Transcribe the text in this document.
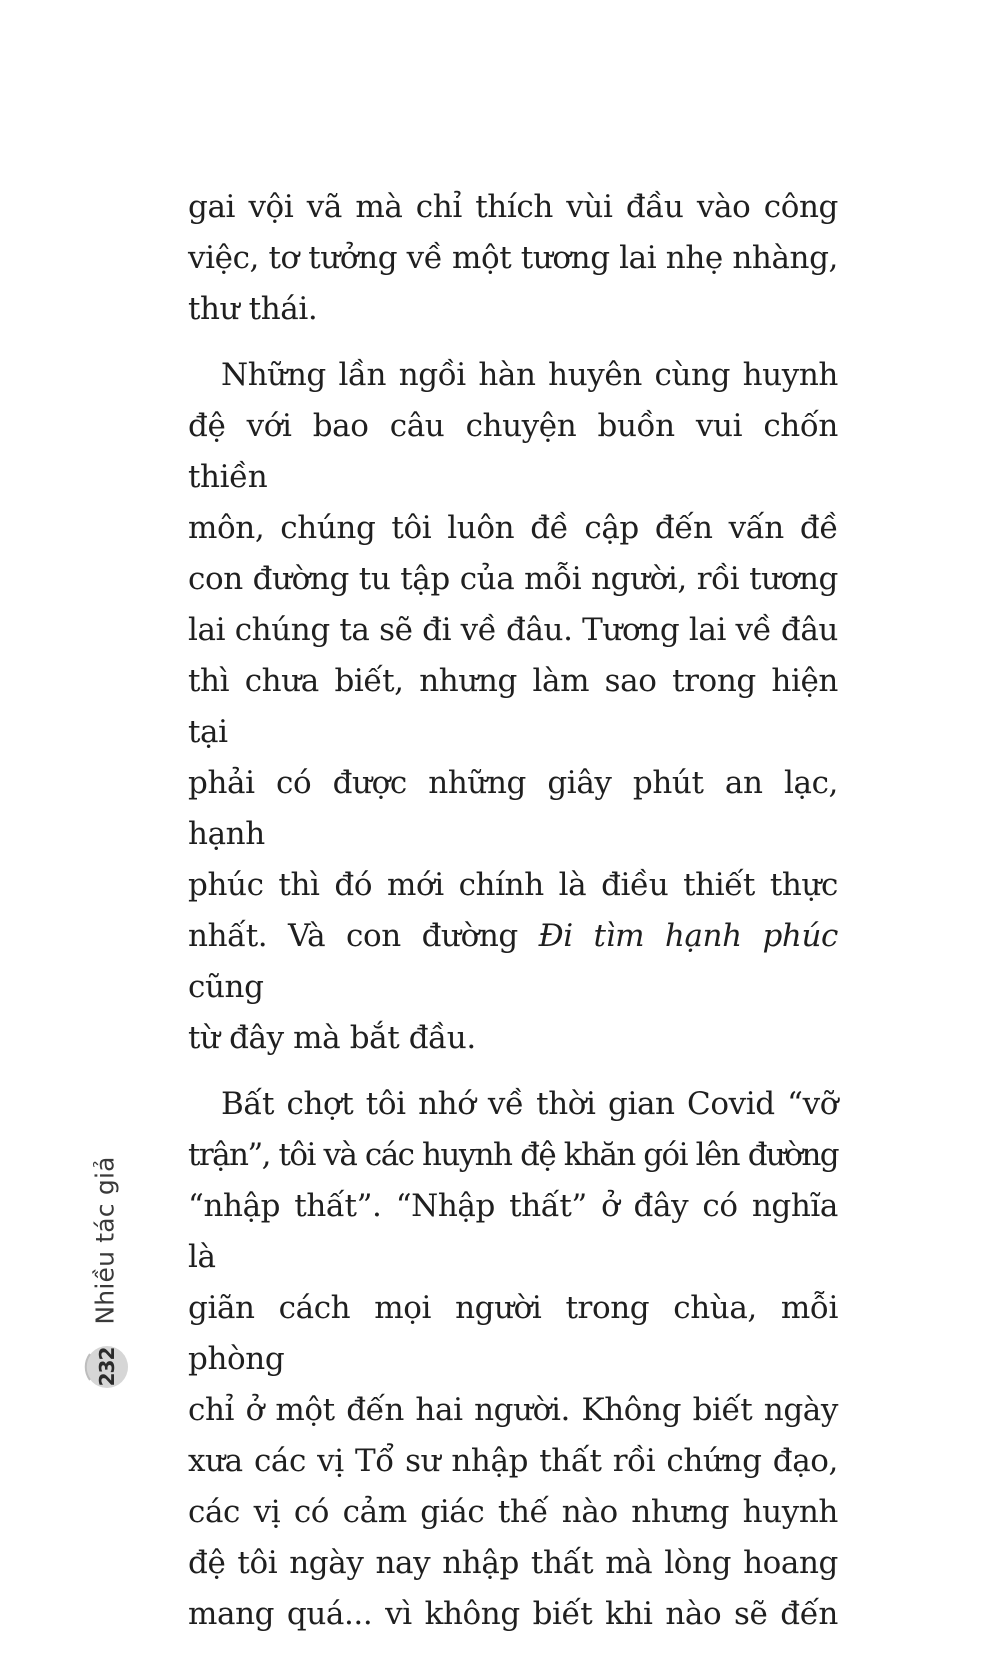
gai vội vã mà chỉ thích vùi đầu vào công
việc, tơ tưởng về một tương lai nhẹ nhàng,
thư thái.

Những lần ngồi hàn huyên cùng huynh
đệ với bao câu chuyện buồn vui chốn thiền
môn, chúng tôi luôn đề cập đến vấn đề
con đường tu tập của mỗi người, rồi tương
lai chúng ta sẽ đi về đâu. Tương lai về đâu
thì chưa biết, nhưng làm sao trong hiện tại
phải có được những giây phút an lạc, hạnh
phúc thì đó mới chính là điều thiết thực
nhất. Và con đường Đi tìm hạnh phúc cũng
từ đây mà bắt đầu.

Bất chợt tôi nhớ về thời gian Covid “vỡ
trận”, tôi và các huynh đệ khăn gói lên đường
“nhập thất”. “Nhập thất” ở đây có nghĩa là
giãn cách mọi người trong chùa, mỗi phòng
chỉ ở một đến hai người. Không biết ngày
xưa các vị Tổ sư nhập thất rồi chứng đạo,
các vị có cảm giác thế nào nhưng huynh
đệ tôi ngày nay nhập thất mà lòng hoang
mang quá... vì không biết khi nào sẽ đến

Nhiều tác giả
232
